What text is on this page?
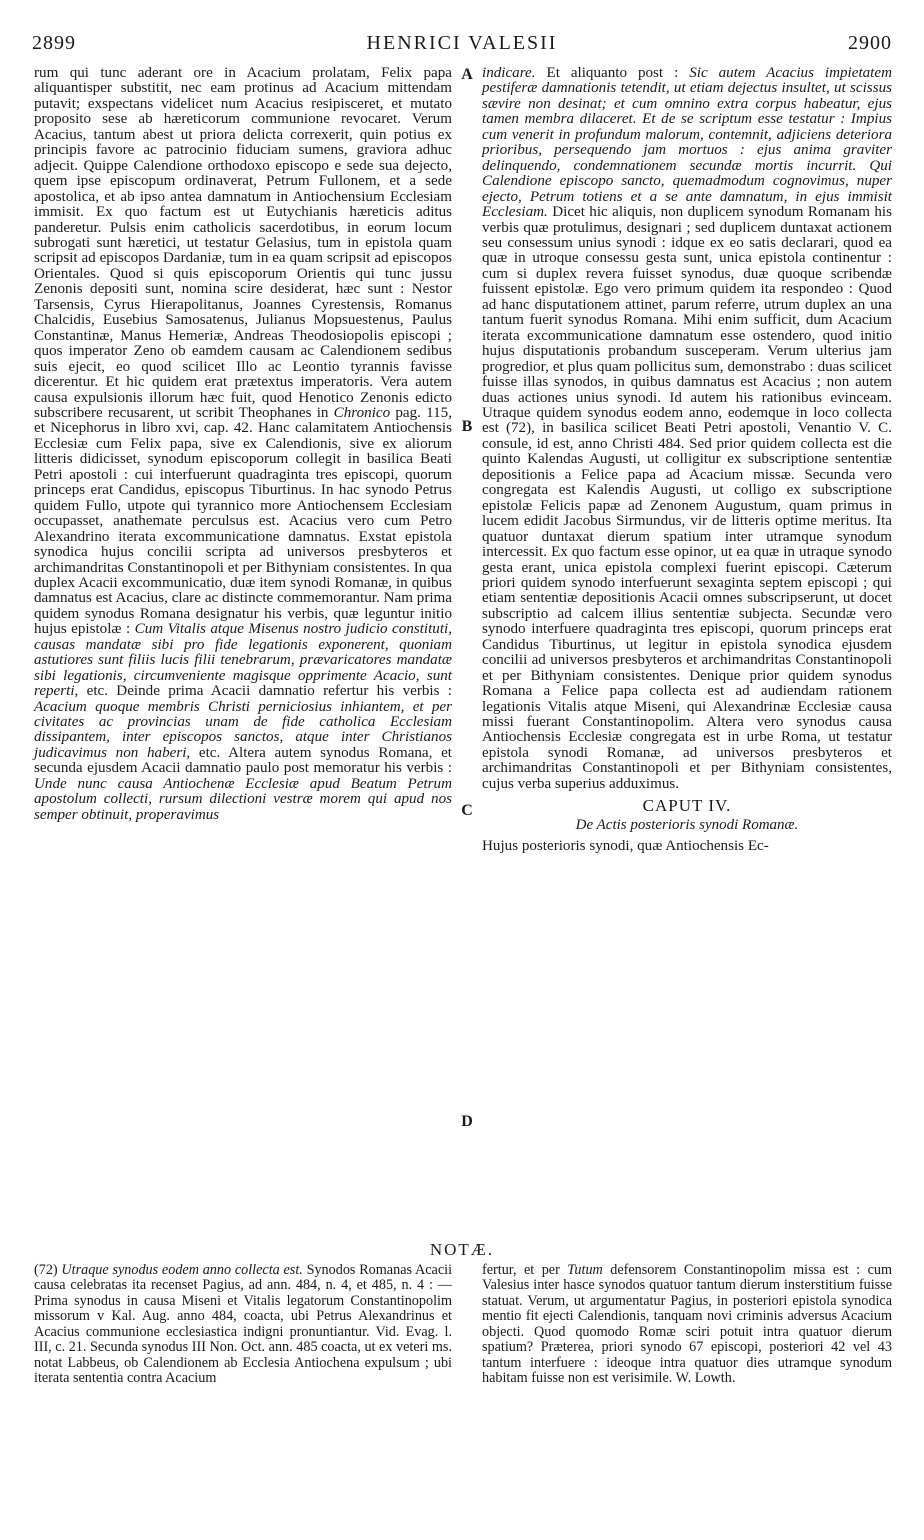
2899	HENRICI VALESII	2900

rum qui tunc aderant ore in Acacium prolatam, Felix papa aliquantisper substitit, nec eam protinus ad Acacium mittendam putavit; exspectans videlicet num Acacius resipisceret, et mutato proposito sese ab hæreticorum communione revocaret. Verum Acacius, tantum abest ut priora delicta correxerit, quin potius ex principis favore ac patrocinio fiduciam sumens, graviora adhuc adjecit. Quippe Calendione orthodoxo episcopo e sede sua dejecto, quem ipse episcopum ordinaverat, Petrum Fullonem, et a sede apostolica, et ab ipso antea damnatum in Antiochensium Ecclesiam immisit. Ex quo factum est ut Eutychianis hæreticis aditus panderetur. Pulsis enim catholicis sacerdotibus, in eorum locum subrogati sunt hæretici, ut testatur Gelasius, tum in epistola quam scripsit ad episcopos Dardaniæ, tum in ea quam scripsit ad episcopos Orientales. Quod si quis episcoporum Orientis qui tunc jussu Zenonis depositi sunt, nomina scire desiderat, hæc sunt : Nestor Tarsensis, Cyrus Hierapolitanus, Joannes Cyrestensis, Romanus Chalcidis, Eusebius Samosatenus, Julianus Mopsuestenus, Paulus Constantinæ, Manus Hemeriæ, Andreas Theodosiopolis episcopi ; quos imperator Zeno ob eamdem causam ac Calendionem sedibus suis ejecit, eo quod scilicet Illo ac Leontio tyrannis favisse dicerentur. Et hic quidem erat prætextus imperatoris. Vera autem causa expulsionis illorum hæc fuit, quod Henotico Zenonis edicto subscribere recusarent, ut scribit Theophanes in Chronico pag. 115, et Nicephorus in libro xvi, cap. 42. Hanc calamitatem Antiochensis Ecclesiæ cum Felix papa, sive ex Calendionis, sive ex aliorum litteris didicisset, synodum episcoporum collegit in basilica Beati Petri apostoli : cui interfuerunt quadraginta tres episcopi, quorum princeps erat Candidus, episcopus Tiburtinus. In hac synodo Petrus quidem Fullo, utpote qui tyrannico more Antiochensem Ecclesiam occupasset, anathemate perculsus est. Acacius vero cum Petro Alexandrino iterata excommunicatione damnatus. Exstat epistola synodica hujus concilii scripta ad universos presbyteros et archimandritas Constantinopoli et per Bithyniam consistentes. In qua duplex Acacii excommunicatio, duæ item synodi Romanæ, in quibus damnatus est Acacius, clare ac distincte commemorantur. Nam prima quidem synodus Romana designatur his verbis, quæ leguntur initio hujus epistolæ : Cum Vitalis atque Misenus nostro judicio constituti, causas mandatæ sibi pro fide legationis exponerent, quoniam astutiores sunt filiis lucis filii tenebrarum, prævaricatores mandatæ sibi legationis, circumveniente magisque opprimente Acacio, sunt reperti, etc. Deinde prima Acacii damnatio refertur his verbis : Acacium quoque membris Christi perniciosius inhiantem, et per civitates ac provincias unam de fide catholica Ecclesiam dissipantem, inter episcopos sanctos, atque inter Christianos judicavimus non haberi, etc. Altera autem synodus Romana, et secunda ejusdem Acacii damnatio paulo post memoratur his verbis : Unde nunc causa Antiochenæ Ecclesiæ apud Beatum Petrum apostolum collecti, rursum dilectioni vestræ morem qui apud nos semper obtinuit, properavimus

A
B
C
D

indicare. Et aliquanto post : Sic autem Acacius impietatem pestiferæ damnationis tetendit, ut etiam dejectus insultet, ut scissus sævire non desinat; et cum omnino extra corpus habeatur, ejus tamen membra dilaceret. Et de se scriptum esse testatur : Impius cum venerit in profundum malorum, contemnit, adjiciens deteriora prioribus, persequendo jam mortuos : ejus anima graviter delinquendo, condemnationem secundæ mortis incurrit. Qui Calendione episcopo sancto, quemadmodum cognovimus, nuper ejecto, Petrum totiens et a se ante damnatum, in ejus immisit Ecclesiam. Dicet hic aliquis, non duplicem synodum Romanam his verbis quæ protulimus, designari ; sed duplicem duntaxat actionem seu consessum unius synodi : idque ex eo satis declarari, quod ea quæ in utroque consessu gesta sunt, unica epistola continentur : cum si duplex revera fuisset synodus, duæ quoque scribendæ fuissent epistolæ. Ego vero primum quidem ita respondeo : Quod ad hanc disputationem attinet, parum referre, utrum duplex an una tantum fuerit synodus Romana. Mihi enim sufficit, dum Acacium iterata excommunicatione damnatum esse ostendero, quod initio hujus disputationis probandum susceperam. Verum ulterius jam progredior, et plus quam pollicitus sum, demonstrabo : duas scilicet fuisse illas synodos, in quibus damnatus est Acacius ; non autem duas actiones unius synodi. Id autem his rationibus evinceam. Utraque quidem synodus eodem anno, eodemque in loco collecta est (72), in basilica scilicet Beati Petri apostoli, Venantio V. C. consule, id est, anno Christi 484. Sed prior quidem collecta est die quinto Kalendas Augusti, ut colligitur ex subscriptione sententiæ depositionis a Felice papa ad Acacium missæ. Secunda vero congregata est Kalendis Augusti, ut colligo ex subscriptione epistolæ Felicis papæ ad Zenonem Augustum, quam primus in lucem edidit Jacobus Sirmundus, vir de litteris optime meritus. Ita quatuor duntaxat dierum spatium inter utramque synodum intercessit. Ex quo factum esse opinor, ut ea quæ in utraque synodo gesta erant, unica epistola complexi fuerint episcopi. Cæterum priori quidem synodo interfuerunt sexaginta septem episcopi ; qui etiam sententiæ depositionis Acacii omnes subscripserunt, ut docet subscriptio ad calcem illius sententiæ subjecta. Secundæ vero synodo interfuere quadraginta tres episcopi, quorum princeps erat Candidus Tiburtinus, ut legitur in epistola synodica ejusdem concilii ad universos presbyteros et archimandritas Constantinopoli et per Bithyniam consistentes. Denique prior quidem synodus Romana a Felice papa collecta est ad audiendam rationem legationis Vitalis atque Miseni, qui Alexandrinæ Ecclesiæ causa missi fuerant Constantinopolim. Altera vero synodus causa Antiochensis Ecclesiæ congregata est in urbe Roma, ut testatur epistola synodi Romanæ, ad universos presbyteros et archimandritas Constantinopoli et per Bithyniam consistentes, cujus verba superius adduximus.

CAPUT IV.
De Actis posterioris synodi Romanæ.

Hujus posterioris synodi, quæ Antiochensis Ec-

NOTÆ.

(72) Utraque synodus eodem anno collecta est. Synodos Romanas Acacii causa celebratas ita recenset Pagius, ad ann. 484, n. 4, et 485, n. 4 : — Prima synodus in causa Miseni et Vitalis legatorum Constantinopolim missorum v Kal. Aug. anno 484, coacta, ubi Petrus Alexandrinus et Acacius communione ecclesiastica indigni pronuntiantur. Vid. Evag. l. III, c. 21. Secunda synodus III Non. Oct. ann. 485 coacta, ut ex veteri ms. notat Labbeus, ob Calendionem ab Ecclesia Antiochena expulsum ; ubi iterata sententia contra Acacium

fertur, et per Tutum defensorem Constantinopolim missa est : cum Valesius inter hasce synodos quatuor tantum dierum insterstitium fuisse statuat. Verum, ut argumentatur Pagius, in posteriori epistola synodica mentio fit ejecti Calendionis, tanquam novi criminis adversus Acacium objecti. Quod quomodo Romæ sciri potuit intra quatuor dierum spatium? Præterea, priori synodo 67 episcopi, posteriori 42 vel 43 tantum interfuere : ideoque intra quatuor dies utramque synodum habitam fuisse non est verisimile. W. Lowth.
